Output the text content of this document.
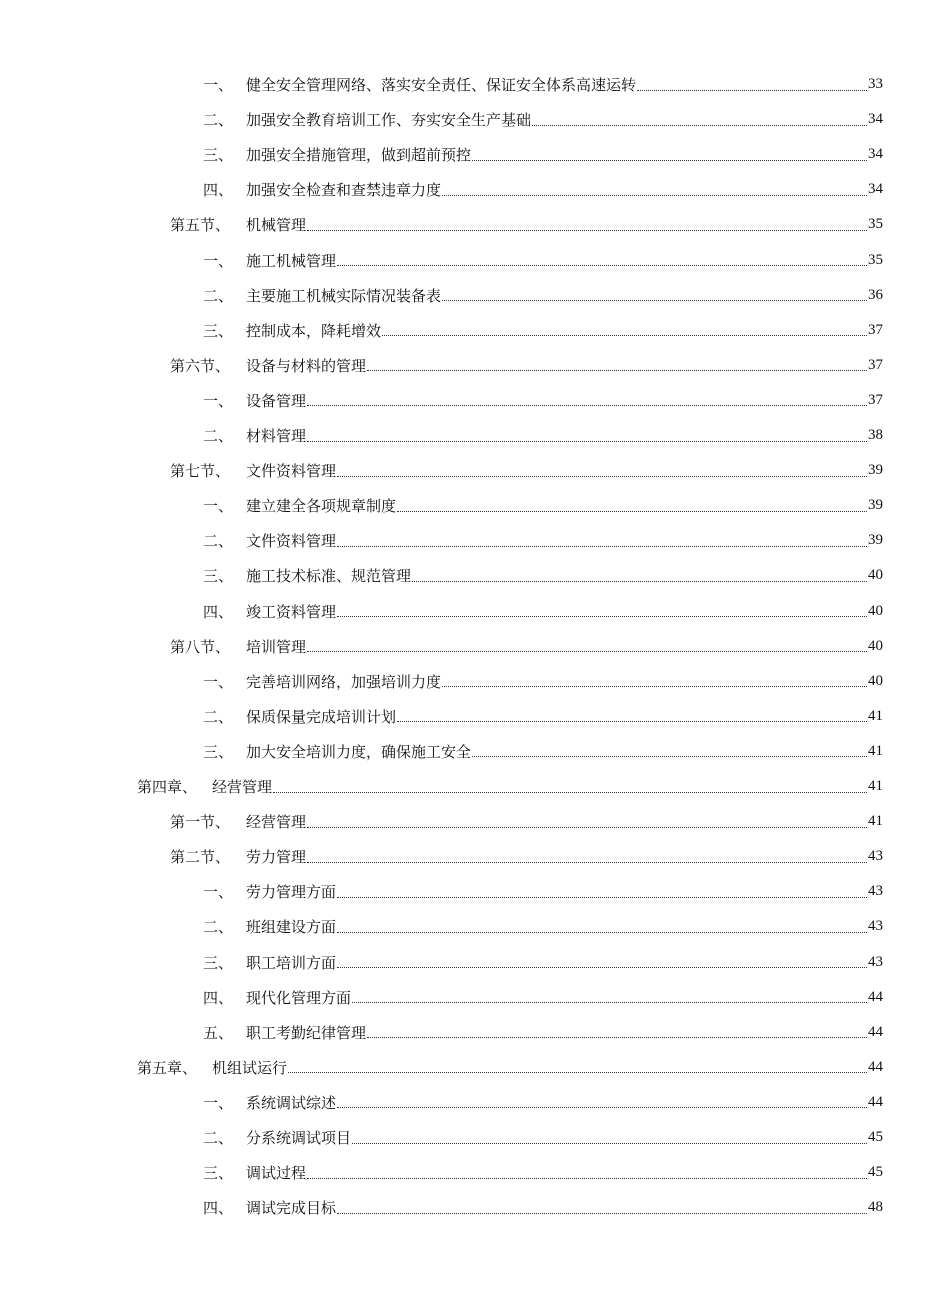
一、 健全安全管理网络、落实安全责任、保证安全体系高速运转	33
二、 加强安全教育培训工作、夯实安全生产基础	34
三、 加强安全措施管理，做到超前预控	34
四、 加强安全检查和查禁违章力度	34
第五节、	机械管理	35
一、 施工机械管理	35
二、 主要施工机械实际情况装备表	36
三、 控制成本，降耗增效	37
第六节、	设备与材料的管理	37
一、 设备管理	37
二、 材料管理	38
第七节、	文件资料管理	39
一、 建立建全各项规章制度	39
二、 文件资料管理	39
三、 施工技术标准、规范管理	40
四、 竣工资料管理	40
第八节、	培训管理	40
一、 完善培训网络，加强培训力度	40
二、 保质保量完成培训计划	41
三、 加大安全培训力度，确保施工安全	41
第四章、 经营管理	41
第一节、	经营管理	41
第二节、	劳力管理	43
一、 劳力管理方面	43
二、 班组建设方面	43
三、 职工培训方面	43
四、 现代化管理方面	44
五、 职工考勤纪律管理	44
第五章、 机组试运行	44
一、 系统调试综述	44
二、 分系统调试项目	45
三、 调试过程	45
四、 调试完成目标	48
